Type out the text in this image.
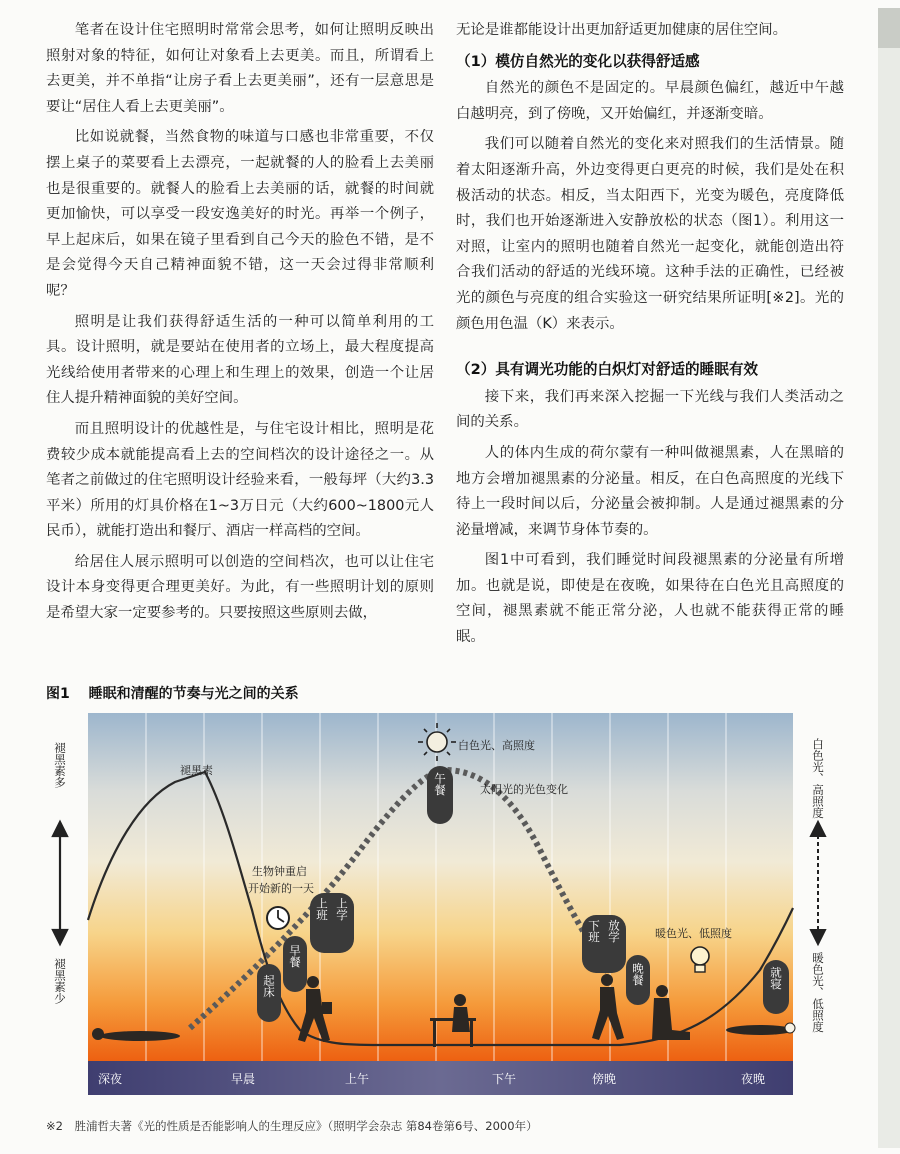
笔者在设计住宅照明时常常会思考，如何让照明反映出照射对象的特征，如何让对象看上去更美。而且，所谓看上去更美，并不单指“让房子看上去更美丽”，还有一层意思是要让“居住人看上去更美丽”。

比如说就餐，当然食物的味道与口感也非常重要，不仅摆上桌子的菜要看上去漂亮，一起就餐的人的脸看上去美丽也是很重要的。就餐人的脸看上去美丽的话，就餐的时间就更加愉快，可以享受一段安逸美好的时光。再举一个例子，早上起床后，如果在镜子里看到自己今天的脸色不错，是不是会觉得今天自己精神面貌不错，这一天会过得非常顺利呢？

照明是让我们获得舒适生活的一种可以简单利用的工具。设计照明，就是要站在使用者的立场上，最大程度提高光线给使用者带来的心理上和生理上的效果，创造一个让居住人提升精神面貌的美好空间。

而且照明设计的优越性是，与住宅设计相比，照明是花费较少成本就能提高看上去的空间档次的设计途径之一。从笔者之前做过的住宅照明设计经验来看，一般每坪（大约3.3平米）所用的灯具价格在1~3万日元（大约600~1800元人民币），就能打造出和餐厅、酒店一样高档的空间。

给居住人展示照明可以创造的空间档次，也可以让住宅设计本身变得更合理更美好。为此，有一些照明计划的原则是希望大家一定要参考的。只要按照这些原则去做，

无论是谁都能设计出更加舒适更加健康的居住空间。

（1）模仿自然光的变化以获得舒适感

自然光的颜色不是固定的。早晨颜色偏红，越近中午越白越明亮，到了傍晚，又开始偏红，并逐渐变暗。

我们可以随着自然光的变化来对照我们的生活情景。随着太阳逐渐升高，外边变得更白更亮的时候，我们是处在积极活动的状态。相反，当太阳西下，光变为暖色，亮度降低时，我们也开始逐渐进入安静放松的状态（图1）。利用这一对照，让室内的照明也随着自然光一起变化，就能创造出符合我们活动的舒适的光线环境。这种手法的正确性，已经被光的颜色与亮度的组合实验这一研究结果所证明[※2]。光的颜色用色温（K）来表示。

（2）具有调光功能的白炽灯对舒适的睡眠有效

接下来，我们再来深入挖掘一下光线与我们人类活动之间的关系。

人的体内生成的荷尔蒙有一种叫做褪黑素，人在黑暗的地方会增加褪黑素的分泌量。相反，在白色高照度的光线下待上一段时间以后，分泌量会被抑制。人是通过褪黑素的分泌量增减，来调节身体节奏的。

图1中可看到，我们睡觉时间段褪黑素的分泌量有所增加。也就是说，即使是在夜晚，如果待在白色光且高照度的空间，褪黑素就不能正常分泌，人也就不能获得正常的睡眠。

图1 睡眠和清醒的节奏与光之间的关系
深夜	早晨	上午	下午	傍晚	夜晚
褪黑素多
褪黑素少
白色光、高照度
暖色光、低照度
褪黑素
白色光、高照度
太阳光的光色变化
生物钟重启
开始新的一天
暖色光、低照度
起床
早餐
上班 上学
午餐
下班 放学
晚餐	就寝
※2　胜浦哲夫著《光的性质是否能影响人的生理反应》（照明学会杂志 第84卷第6号、2000年）
